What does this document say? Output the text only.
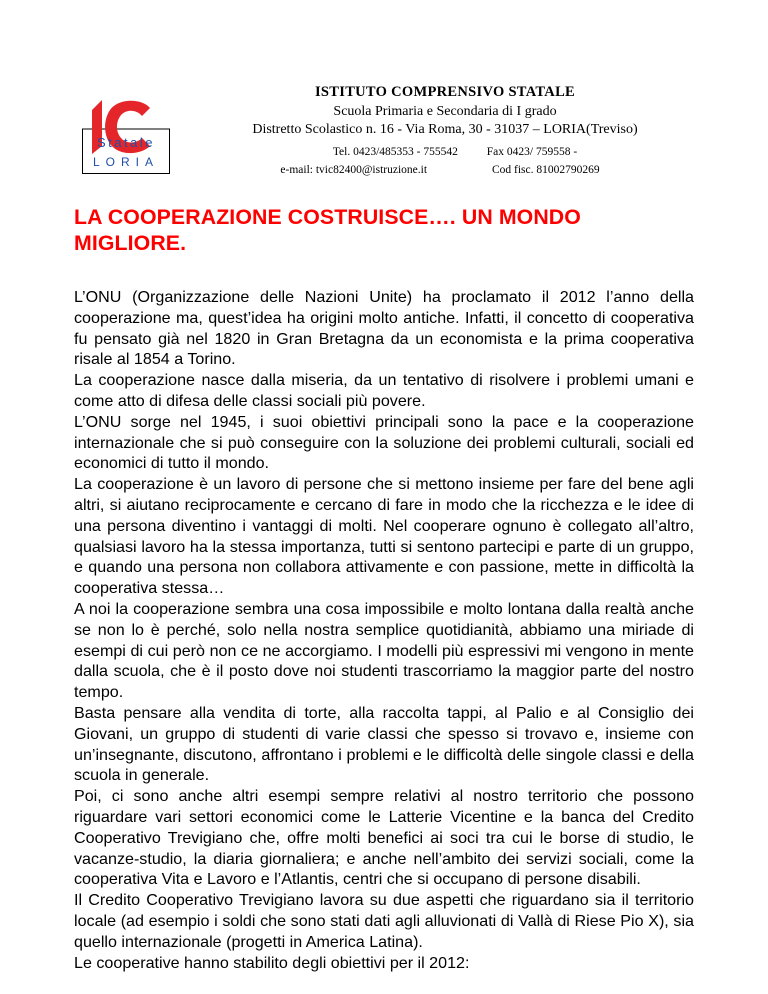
Statale
LORIA
ISTITUTO COMPRENSIVO STATALE
Scuola Primaria e Secondaria di I grado
Distretto Scolastico n. 16 - Via Roma, 30 - 31037 – LORIA(Treviso)
Tel. 0423/485353 - 755542	Fax 0423/ 759558 -
e-mail: tvic82400@istruzione.it	Cod fisc. 81002790269
LA COOPERAZIONE COSTRUISCE…. UN MONDO MIGLIORE.

L’ONU (Organizzazione delle Nazioni Unite) ha proclamato il 2012 l’anno della cooperazione ma, quest’idea ha origini molto antiche. Infatti, il concetto di cooperativa fu pensato già nel 1820 in Gran Bretagna da un economista e la prima cooperativa risale al 1854 a Torino.

La cooperazione nasce dalla miseria, da un tentativo di risolvere i problemi umani e come atto di difesa delle classi sociali più povere.

L’ONU sorge nel 1945, i suoi obiettivi principali sono la pace e la cooperazione internazionale che si può conseguire con la soluzione dei problemi culturali, sociali ed economici di tutto il mondo.

La cooperazione è un lavoro di persone che si mettono insieme per fare del bene agli altri, si aiutano reciprocamente e cercano di fare in modo che la ricchezza e le idee di una persona diventino i vantaggi di molti. Nel cooperare ognuno è collegato all’altro, qualsiasi lavoro ha la stessa importanza, tutti si sentono partecipi e parte di un gruppo, e quando una persona non collabora attivamente e con passione, mette in difficoltà la cooperativa stessa…

A noi la cooperazione sembra una cosa impossibile e molto lontana dalla realtà anche se non lo è perché, solo nella nostra semplice quotidianità, abbiamo una miriade di esempi di cui però non ce ne accorgiamo. I modelli più espressivi mi vengono in mente dalla scuola, che è il posto dove noi studenti trascorriamo la maggior parte del nostro tempo.

Basta pensare alla vendita di torte, alla raccolta tappi, al Palio e al Consiglio dei Giovani, un gruppo di studenti di varie classi che spesso si trovavo e, insieme con un’insegnante, discutono, affrontano i problemi e le difficoltà delle singole classi e della scuola in generale.

Poi, ci sono anche altri esempi sempre relativi al nostro territorio che possono riguardare vari settori economici come le Latterie Vicentine e la banca del Credito Cooperativo Trevigiano che, offre molti benefici ai soci tra cui le borse di studio, le vacanze-studio, la diaria giornaliera; e anche nell’ambito dei servizi sociali, come la cooperativa Vita e Lavoro e l’Atlantis, centri che si occupano di persone disabili.

Il Credito Cooperativo Trevigiano lavora su due aspetti che riguardano sia il territorio locale (ad esempio i soldi che sono stati dati agli alluvionati di Vallà di Riese Pio X), sia quello internazionale (progetti in America Latina).

Le cooperative hanno stabilito degli obiettivi per il 2012:
